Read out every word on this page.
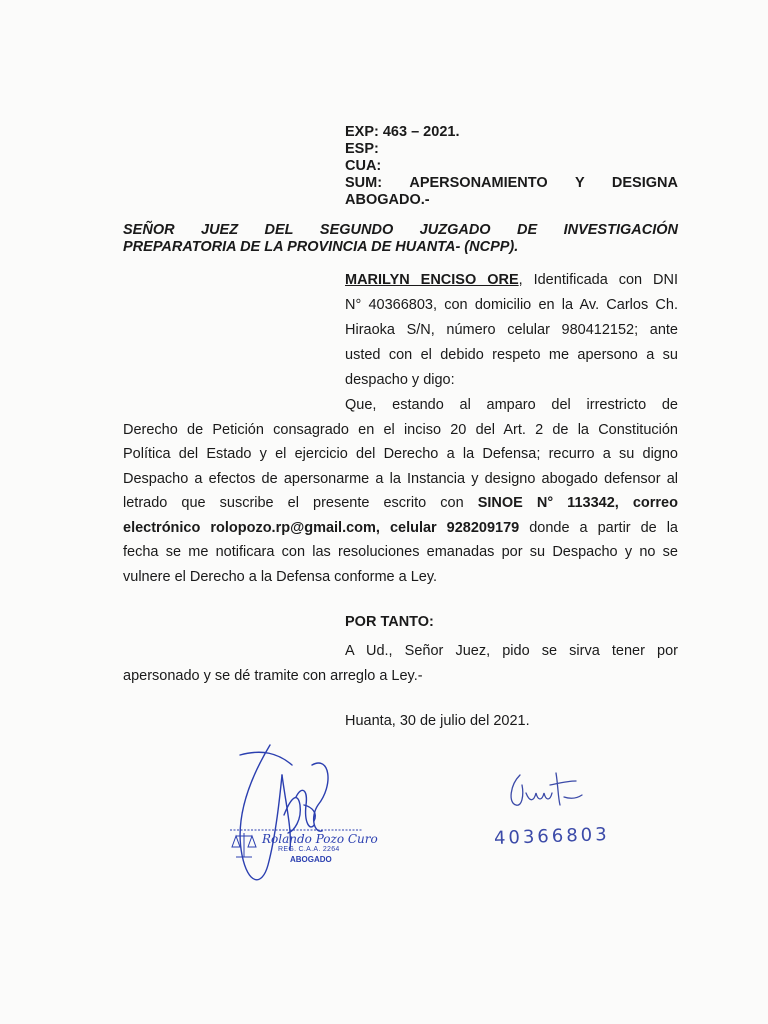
EXP: 463 – 2021.
ESP:
CUA:
SUM: APERSONAMIENTO Y DESIGNA
ABOGADO.-
SEÑOR JUEZ DEL SEGUNDO JUZGADO DE INVESTIGACIÓN
PREPARATORIA DE LA PROVINCIA DE HUANTA- (NCPP).
MARILYN ENCISO ORE, Identificada con DNI
N° 40366803, con domicilio en la Av. Carlos Ch.
Hiraoka S/N, número celular 980412152; ante
usted con el debido respeto me apersono a su
despacho y digo:
Que, estando al amparo del irrestricto de
Derecho de Petición consagrado en el inciso 20 del Art. 2 de la Constitución
Política del Estado y el ejercicio del Derecho a la Defensa; recurro a su digno
Despacho a efectos de apersonarme a la Instancia y designo abogado defensor al
letrado que suscribe el presente escrito con SINOE N° 113342, correo
electrónico rolopozo.rp@gmail.com, celular 928209179 donde a partir de la
fecha se me notificara con las resoluciones emanadas por su Despacho y no se
vulnere el Derecho a la Defensa conforme a Ley.
POR TANTO:
A Ud., Señor Juez, pido se sirva tener por
apersonado y se dé tramite con arreglo a Ley.-
Huanta, 30 de julio del 2021.
Rolando Pozo Curo
REG. C.A.A. 2264
ABOGADO
40366803
